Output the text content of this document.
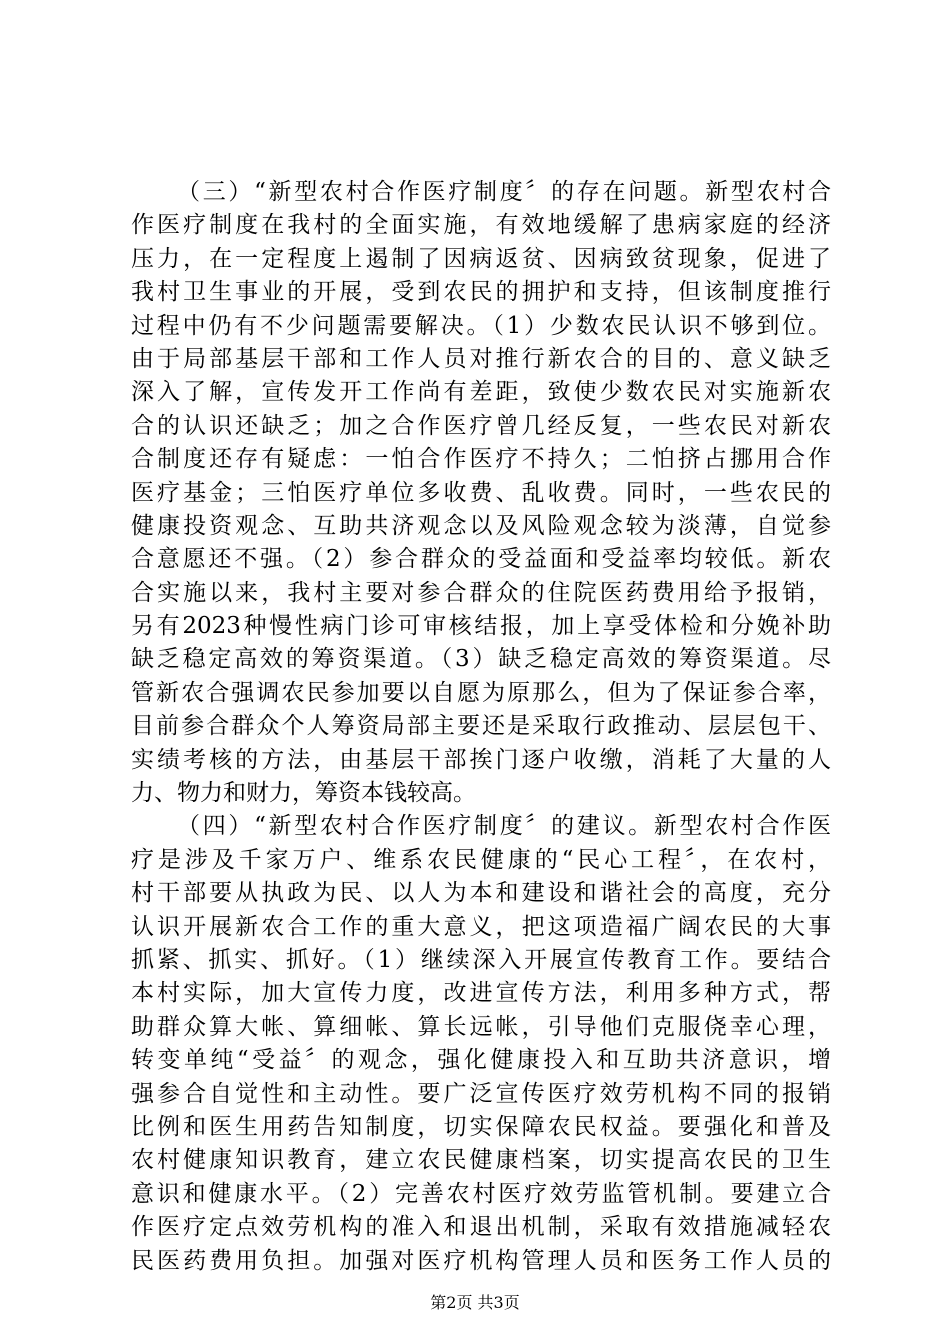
（三）“新型农村合作医疗制度〞的存在问题。新型农村合
作医疗制度在我村的全面实施，有效地缓解了患病家庭的经济
压力，在一定程度上遏制了因病返贫、因病致贫现象，促进了
我村卫生事业的开展，受到农民的拥护和支持，但该制度推行
过程中仍有不少问题需要解决。（1）少数农民认识不够到位。
由于局部基层干部和工作人员对推行新农合的目的、意义缺乏
深入了解，宣传发开工作尚有差距，致使少数农民对实施新农
合的认识还缺乏；加之合作医疗曾几经反复，一些农民对新农
合制度还存有疑虑：一怕合作医疗不持久；二怕挤占挪用合作
医疗基金；三怕医疗单位多收费、乱收费。同时，一些农民的
健康投资观念、互助共济观念以及风险观念较为淡薄，自觉参
合意愿还不强。（2）参合群众的受益面和受益率均较低。新农
合实施以来，我村主要对参合群众的住院医药费用给予报销，
另有2023种慢性病门诊可审核结报，加上享受体检和分娩补助
缺乏稳定高效的筹资渠道。（3）缺乏稳定高效的筹资渠道。尽
管新农合强调农民参加要以自愿为原那么，但为了保证参合率，
目前参合群众个人筹资局部主要还是采取行政推动、层层包干、
实绩考核的方法，由基层干部挨门逐户收缴，消耗了大量的人
力、物力和财力，筹资本钱较高。
（四）“新型农村合作医疗制度〞的建议。新型农村合作医
疗是涉及千家万户、维系农民健康的“民心工程〞，在农村，
村干部要从执政为民、以人为本和建设和谐社会的高度，充分
认识开展新农合工作的重大意义，把这项造福广阔农民的大事
抓紧、抓实、抓好。（1）继续深入开展宣传教育工作。要结合
本村实际，加大宣传力度，改进宣传方法，利用多种方式，帮
助群众算大帐、算细帐、算长远帐，引导他们克服侥幸心理，
转变单纯“受益〞的观念，强化健康投入和互助共济意识，增
强参合自觉性和主动性。要广泛宣传医疗效劳机构不同的报销
比例和医生用药告知制度，切实保障农民权益。要强化和普及
农村健康知识教育，建立农民健康档案，切实提高农民的卫生
意识和健康水平。（2）完善农村医疗效劳监管机制。要建立合
作医疗定点效劳机构的准入和退出机制，采取有效措施减轻农
民医药费用负担。加强对医疗机构管理人员和医务工作人员的
第2页 共3页
